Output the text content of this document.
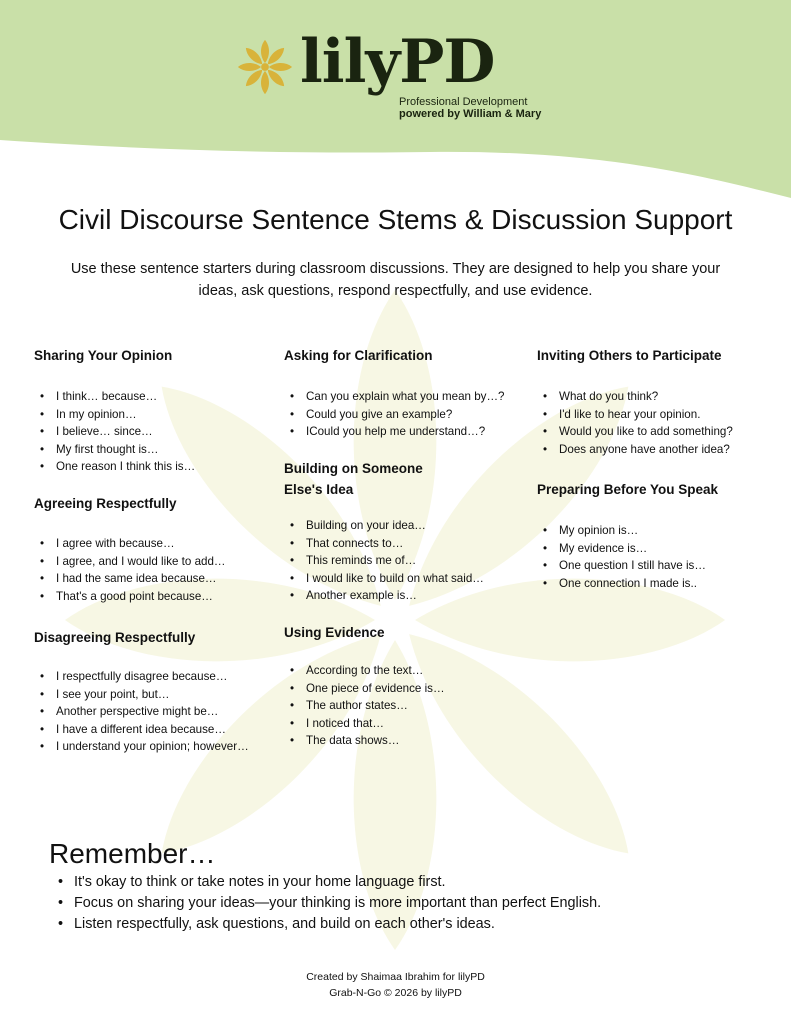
lilyPD
Professional Development
powered by William & Mary
Civil Discourse Sentence Stems & Discussion Support

Use these sentence starters during classroom discussions. They are designed to help you share your ideas, ask questions, respond respectfully, and use evidence.

Sharing Your Opinion
• I think… because…
• In my opinion…
• I believe… since…
• My first thought is…
• One reason I think this is…
Agreeing Respectfully
• I agree with because…
• I agree, and I would like to add…
• I had the same idea because…
• That's a good point because…
Disagreeing Respectfully
• I respectfully disagree because…
• I see your point, but…
• Another perspective might be…
• I have a different idea because…
• I understand your opinion; however…
Asking for Clarification
• Can you explain what you mean by…?
• Could you give an example?
• ICould you help me understand…?
Building on Someone
Else's Idea
• Building on your idea…
• That connects to…
• This reminds me of…
• I would like to build on what said…
• Another example is…
Using Evidence
• According to the text…
• One piece of evidence is…
• The author states…
• I noticed that…
• The data shows…
Inviting Others to Participate
• What do you think?
• I'd like to hear your opinion.
• Would you like to add something?
• Does anyone have another idea?
Preparing Before You Speak
• My opinion is…
• My evidence is…
• One question I still have is…
• One connection I made is..
Remember…
• It's okay to think or take notes in your home language first.
• Focus on sharing your ideas—your thinking is more important than perfect English.
• Listen respectfully, ask questions, and build on each other's ideas.

Created by Shaimaa Ibrahim for lilyPD

Grab-N-Go © 2026 by lilyPD
